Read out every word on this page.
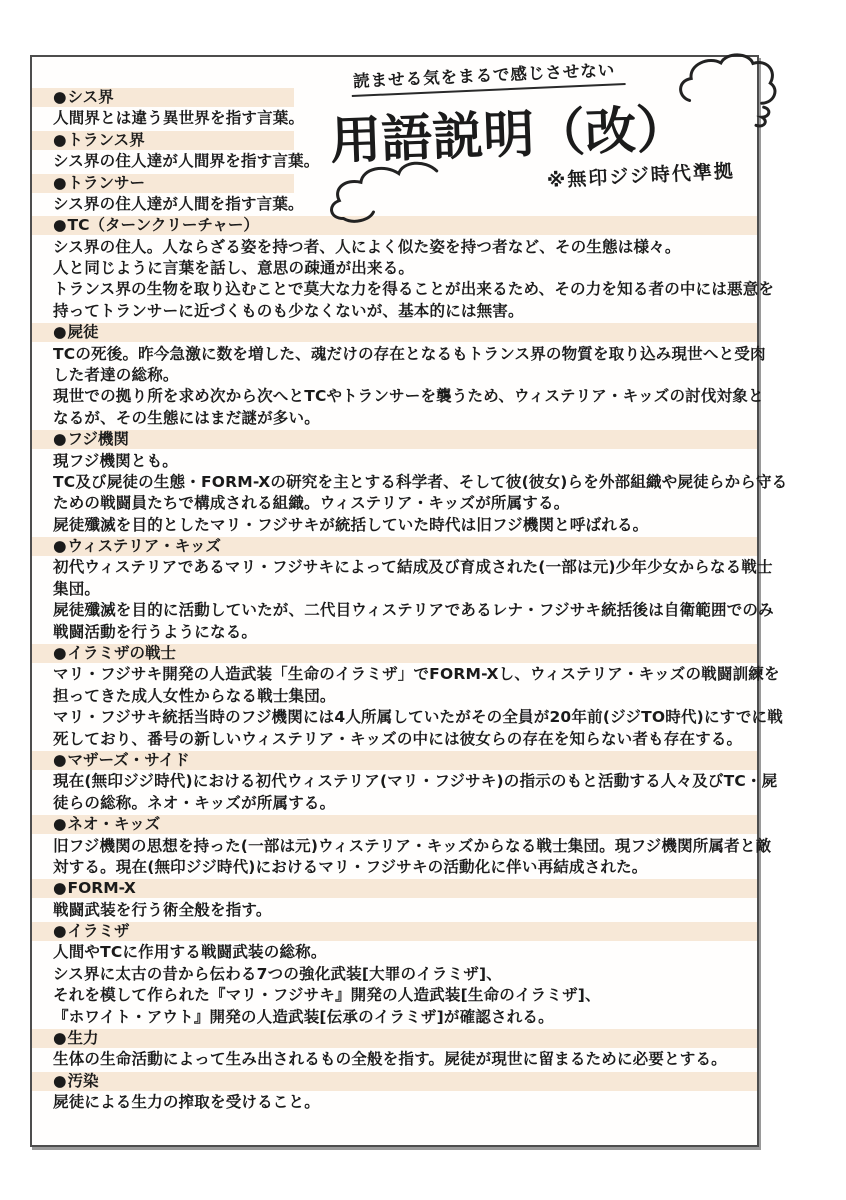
読ませる気をまるで感じさせない
用語説明（改）
※無印ジジ時代準拠
●シス界
人間界とは違う異世界を指す言葉。
●トランス界
シス界の住人達が人間界を指す言葉。
●トランサー
シス界の住人達が人間を指す言葉。
●TC（ターンクリーチャー）
シス界の住人。人ならざる姿を持つ者、人によく似た姿を持つ者など、その生態は様々。
人と同じように言葉を話し、意思の疎通が出来る。
トランス界の生物を取り込むことで莫大な力を得ることが出来るため、その力を知る者の中には悪意を
持ってトランサーに近づくものも少なくないが、基本的には無害。
●屍徒
TCの死後。昨今急激に数を増した、魂だけの存在となるもトランス界の物質を取り込み現世へと受肉
した者達の総称。
現世での拠り所を求め次から次へとTCやトランサーを襲うため、ウィステリア・キッズの討伐対象と
なるが、その生態にはまだ謎が多い。
●フジ機関
現フジ機関とも。
TC及び屍徒の生態・FORM-Xの研究を主とする科学者、そして彼(彼女)らを外部組織や屍徒らから守る
ための戦闘員たちで構成される組織。ウィステリア・キッズが所属する。
屍徒殲滅を目的としたマリ・フジサキが統括していた時代は旧フジ機関と呼ばれる。
●ウィステリア・キッズ
初代ウィステリアであるマリ・フジサキによって結成及び育成された(一部は元)少年少女からなる戦士
集団。
屍徒殲滅を目的に活動していたが、二代目ウィステリアであるレナ・フジサキ統括後は自衛範囲でのみ
戦闘活動を行うようになる。
●イラミザの戦士
マリ・フジサキ開発の人造武装「生命のイラミザ」でFORM-Xし、ウィステリア・キッズの戦闘訓練を
担ってきた成人女性からなる戦士集団。
マリ・フジサキ統括当時のフジ機関には4人所属していたがその全員が20年前(ジジTO時代)にすでに戦
死しており、番号の新しいウィステリア・キッズの中には彼女らの存在を知らない者も存在する。
●マザーズ・サイド
現在(無印ジジ時代)における初代ウィステリア(マリ・フジサキ)の指示のもと活動する人々及びTC・屍
徒らの総称。ネオ・キッズが所属する。
●ネオ・キッズ
旧フジ機関の思想を持った(一部は元)ウィステリア・キッズからなる戦士集団。現フジ機関所属者と敵
対する。現在(無印ジジ時代)におけるマリ・フジサキの活動化に伴い再結成された。
●FORM-X
戦闘武装を行う術全般を指す。
●イラミザ
人間やTCに作用する戦闘武装の総称。
シス界に太古の昔から伝わる7つの強化武装[大罪のイラミザ]、
それを模して作られた『マリ・フジサキ』開発の人造武装[生命のイラミザ]、
『ホワイト・アウト』開発の人造武装[伝承のイラミザ]が確認される。
●生力
生体の生命活動によって生み出されるもの全般を指す。屍徒が現世に留まるために必要とする。
●汚染
屍徒による生力の搾取を受けること。
